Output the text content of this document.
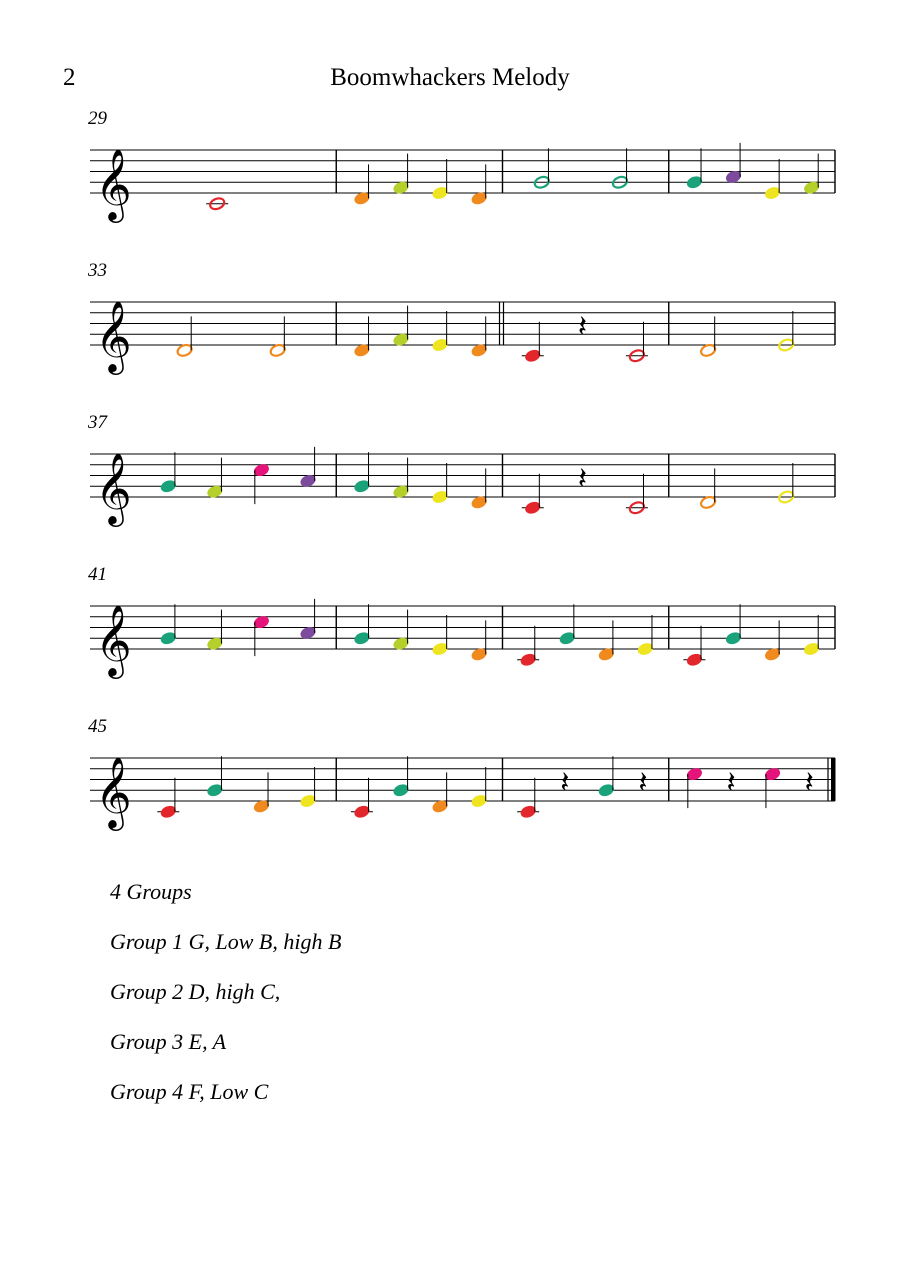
2	Boomwhackers Melody
29
𝄞
33
𝄞	𝄽
37
𝄞	𝄽
41
𝄞
45
𝄞	𝄽 𝄽	𝄽 𝄽
4 Groups
Group 1 G, Low B, high B
Group 2 D, high C,
Group 3 E, A
Group 4 F, Low C
